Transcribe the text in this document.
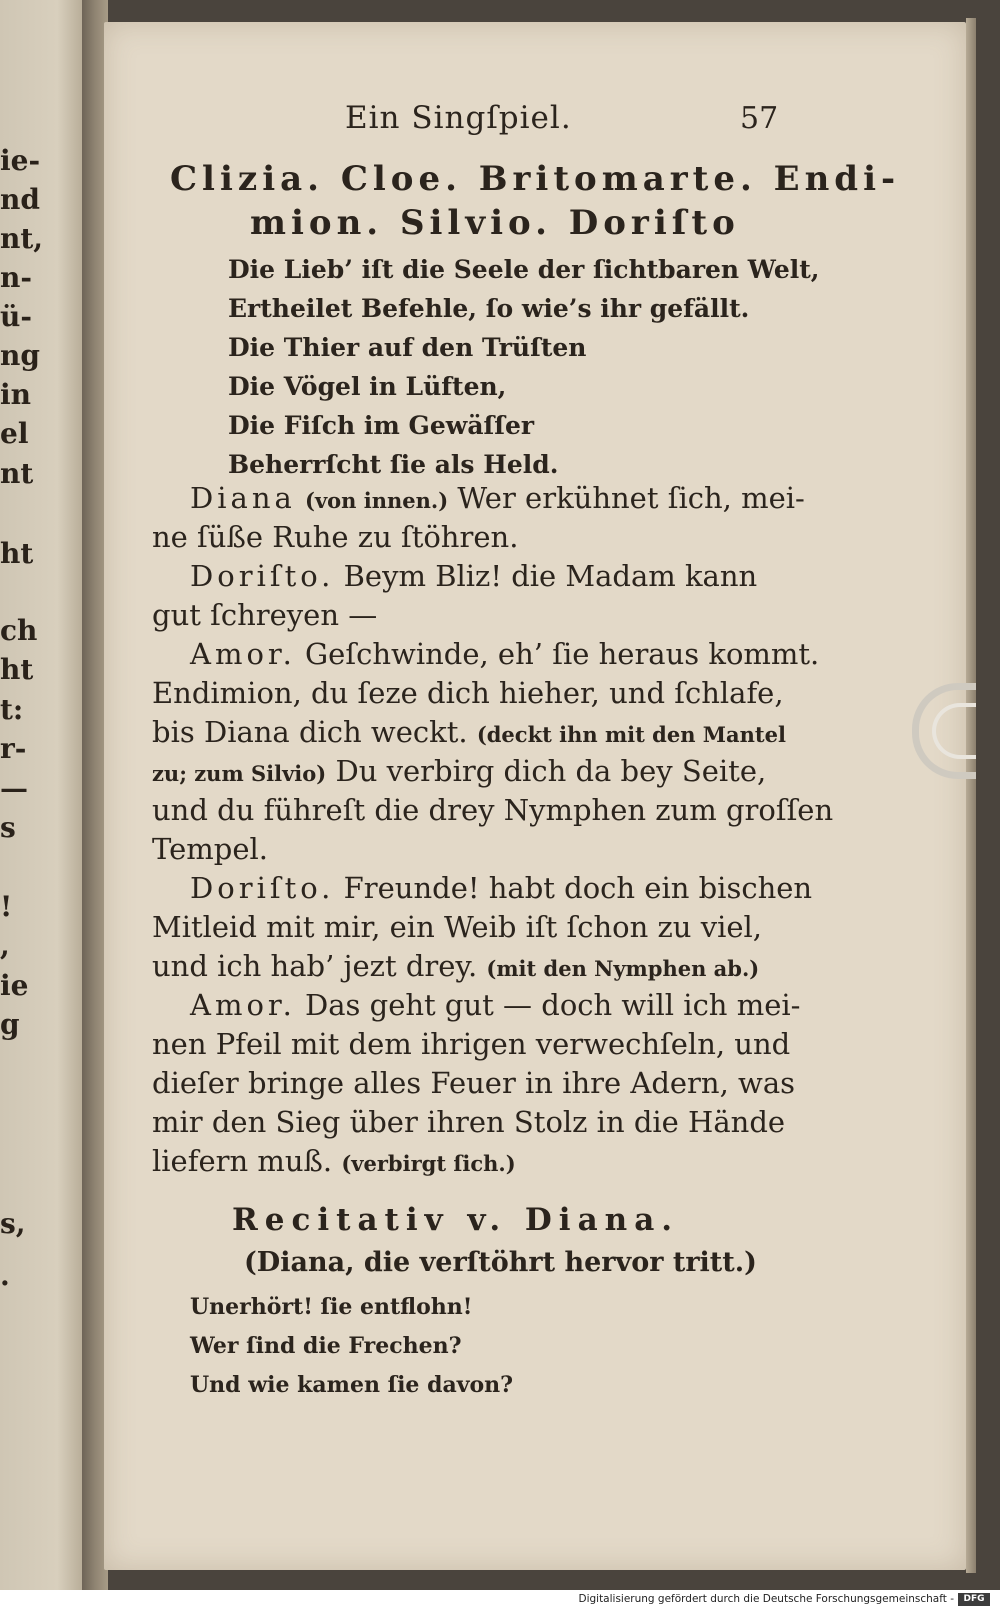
ie-
nd
nt,
n-
ü-
ng
in
el
nt
ht
ch
ht
t:
r-
—
s
!
,
ie
g
s,
.
Ein Singſpiel.	57
Clizia. Cloe. Britomarte. Endi-
mion. Silvio. Doriſto
Die Lieb’ iſt die Seele der ſichtbaren Welt,
Ertheilet Befehle, ſo wie’s ihr gefällt.
Die Thier auf den Trüſten
Die Vögel in Lüften,
Die Fiſch im Gewäſſer
Beherrſcht ſie als Held.
Diana (von innen.) Wer erkühnet ſich, mei-
ne ſüße Ruhe zu ſtöhren.
Doriſto. Beym Bliz! die Madam kann
gut ſchreyen —
Amor. Geſchwinde, eh’ ſie heraus kommt.
Endimion, du ſeze dich hieher, und ſchlafe,
bis Diana dich weckt. (deckt ihn mit den Mantel
zu; zum Silvio) Du verbirg dich da bey Seite,
und du führeſt die drey Nymphen zum groſſen
Tempel.
Doriſto. Freunde! habt doch ein bischen
Mitleid mit mir, ein Weib iſt ſchon zu viel,
und ich hab’ jezt drey. (mit den Nymphen ab.)
Amor. Das geht gut — doch will ich mei-
nen Pfeil mit dem ihrigen verwechſeln, und
dieſer bringe alles Feuer in ihre Adern, was
mir den Sieg über ihren Stolz in die Hände
liefern muß. (verbirgt ſich.)
Recitativ v. Diana.
(Diana, die verſtöhrt hervor tritt.)
Unerhört! ſie entflohn!
Wer ſind die Frechen?
Und wie kamen ſie davon?
Digitalisierung gefördert durch die Deutsche Forschungsgemeinschaft -	DFG
